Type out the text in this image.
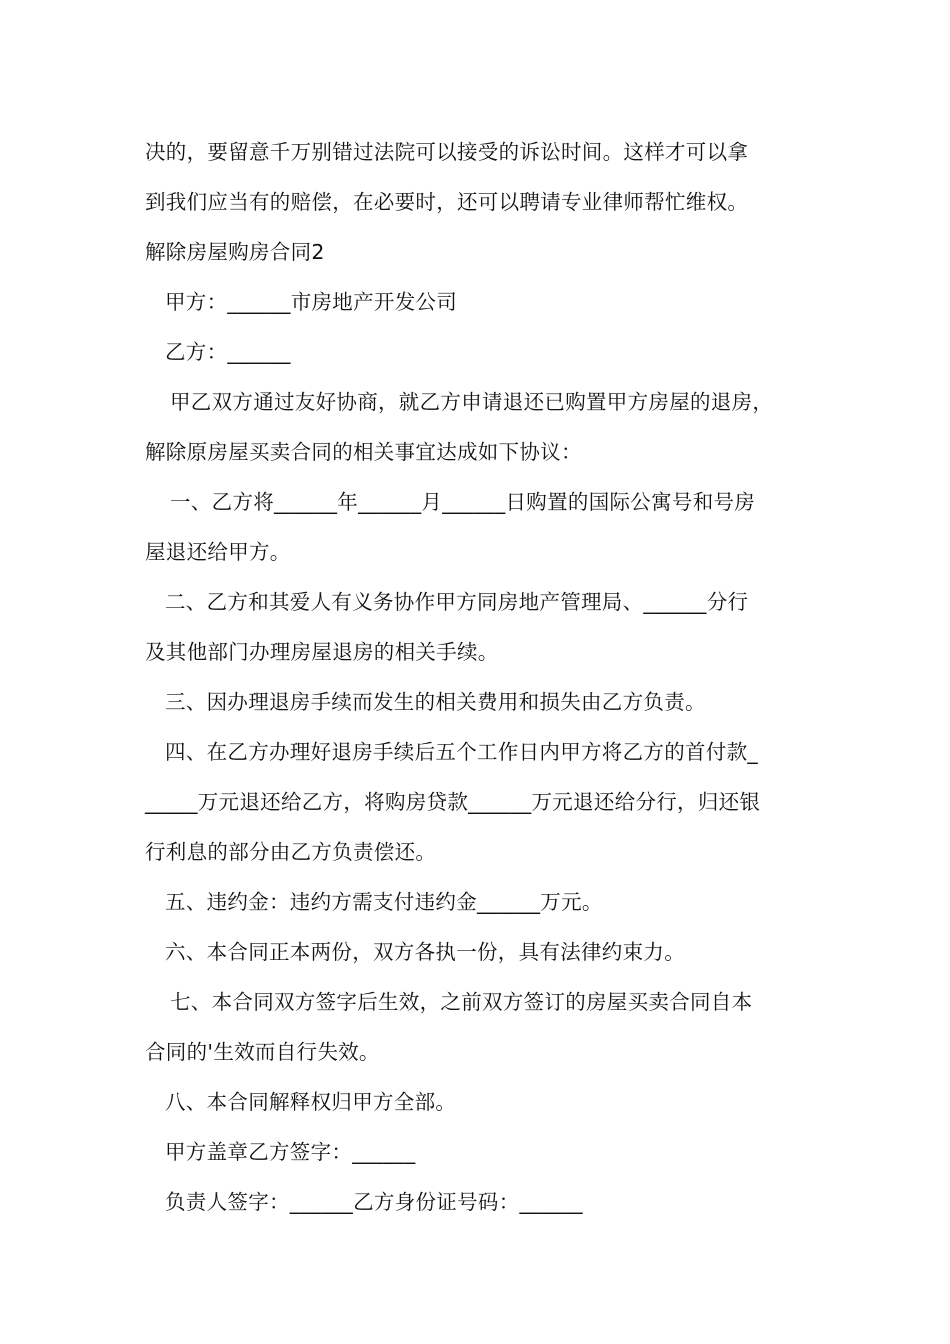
决的，要留意千万别错过法院可以接受的诉讼时间。这样才可以拿
到我们应当有的赔偿，在必要时，还可以聘请专业律师帮忙维权。
解除房屋购房合同2
甲方：______市房地产开发公司
乙方：______
甲乙双方通过友好协商，就乙方申请退还已购置甲方房屋的退房，
解除原房屋买卖合同的相关事宜达成如下协议：
一、乙方将______年______月______日购置的国际公寓号和号房
屋退还给甲方。
二、乙方和其爱人有义务协作甲方同房地产管理局、______分行
及其他部门办理房屋退房的相关手续。
三、因办理退房手续而发生的相关费用和损失由乙方负责。
四、在乙方办理好退房手续后五个工作日内甲方将乙方的首付款_
_____万元退还给乙方，将购房贷款______万元退还给分行，归还银
行利息的部分由乙方负责偿还。
五、违约金：违约方需支付违约金______万元。
六、本合同正本两份，双方各执一份，具有法律约束力。
七、本合同双方签字后生效，之前双方签订的房屋买卖合同自本
合同的'生效而自行失效。
八、本合同解释权归甲方全部。
甲方盖章乙方签字：______
负责人签字：______乙方身份证号码：______
